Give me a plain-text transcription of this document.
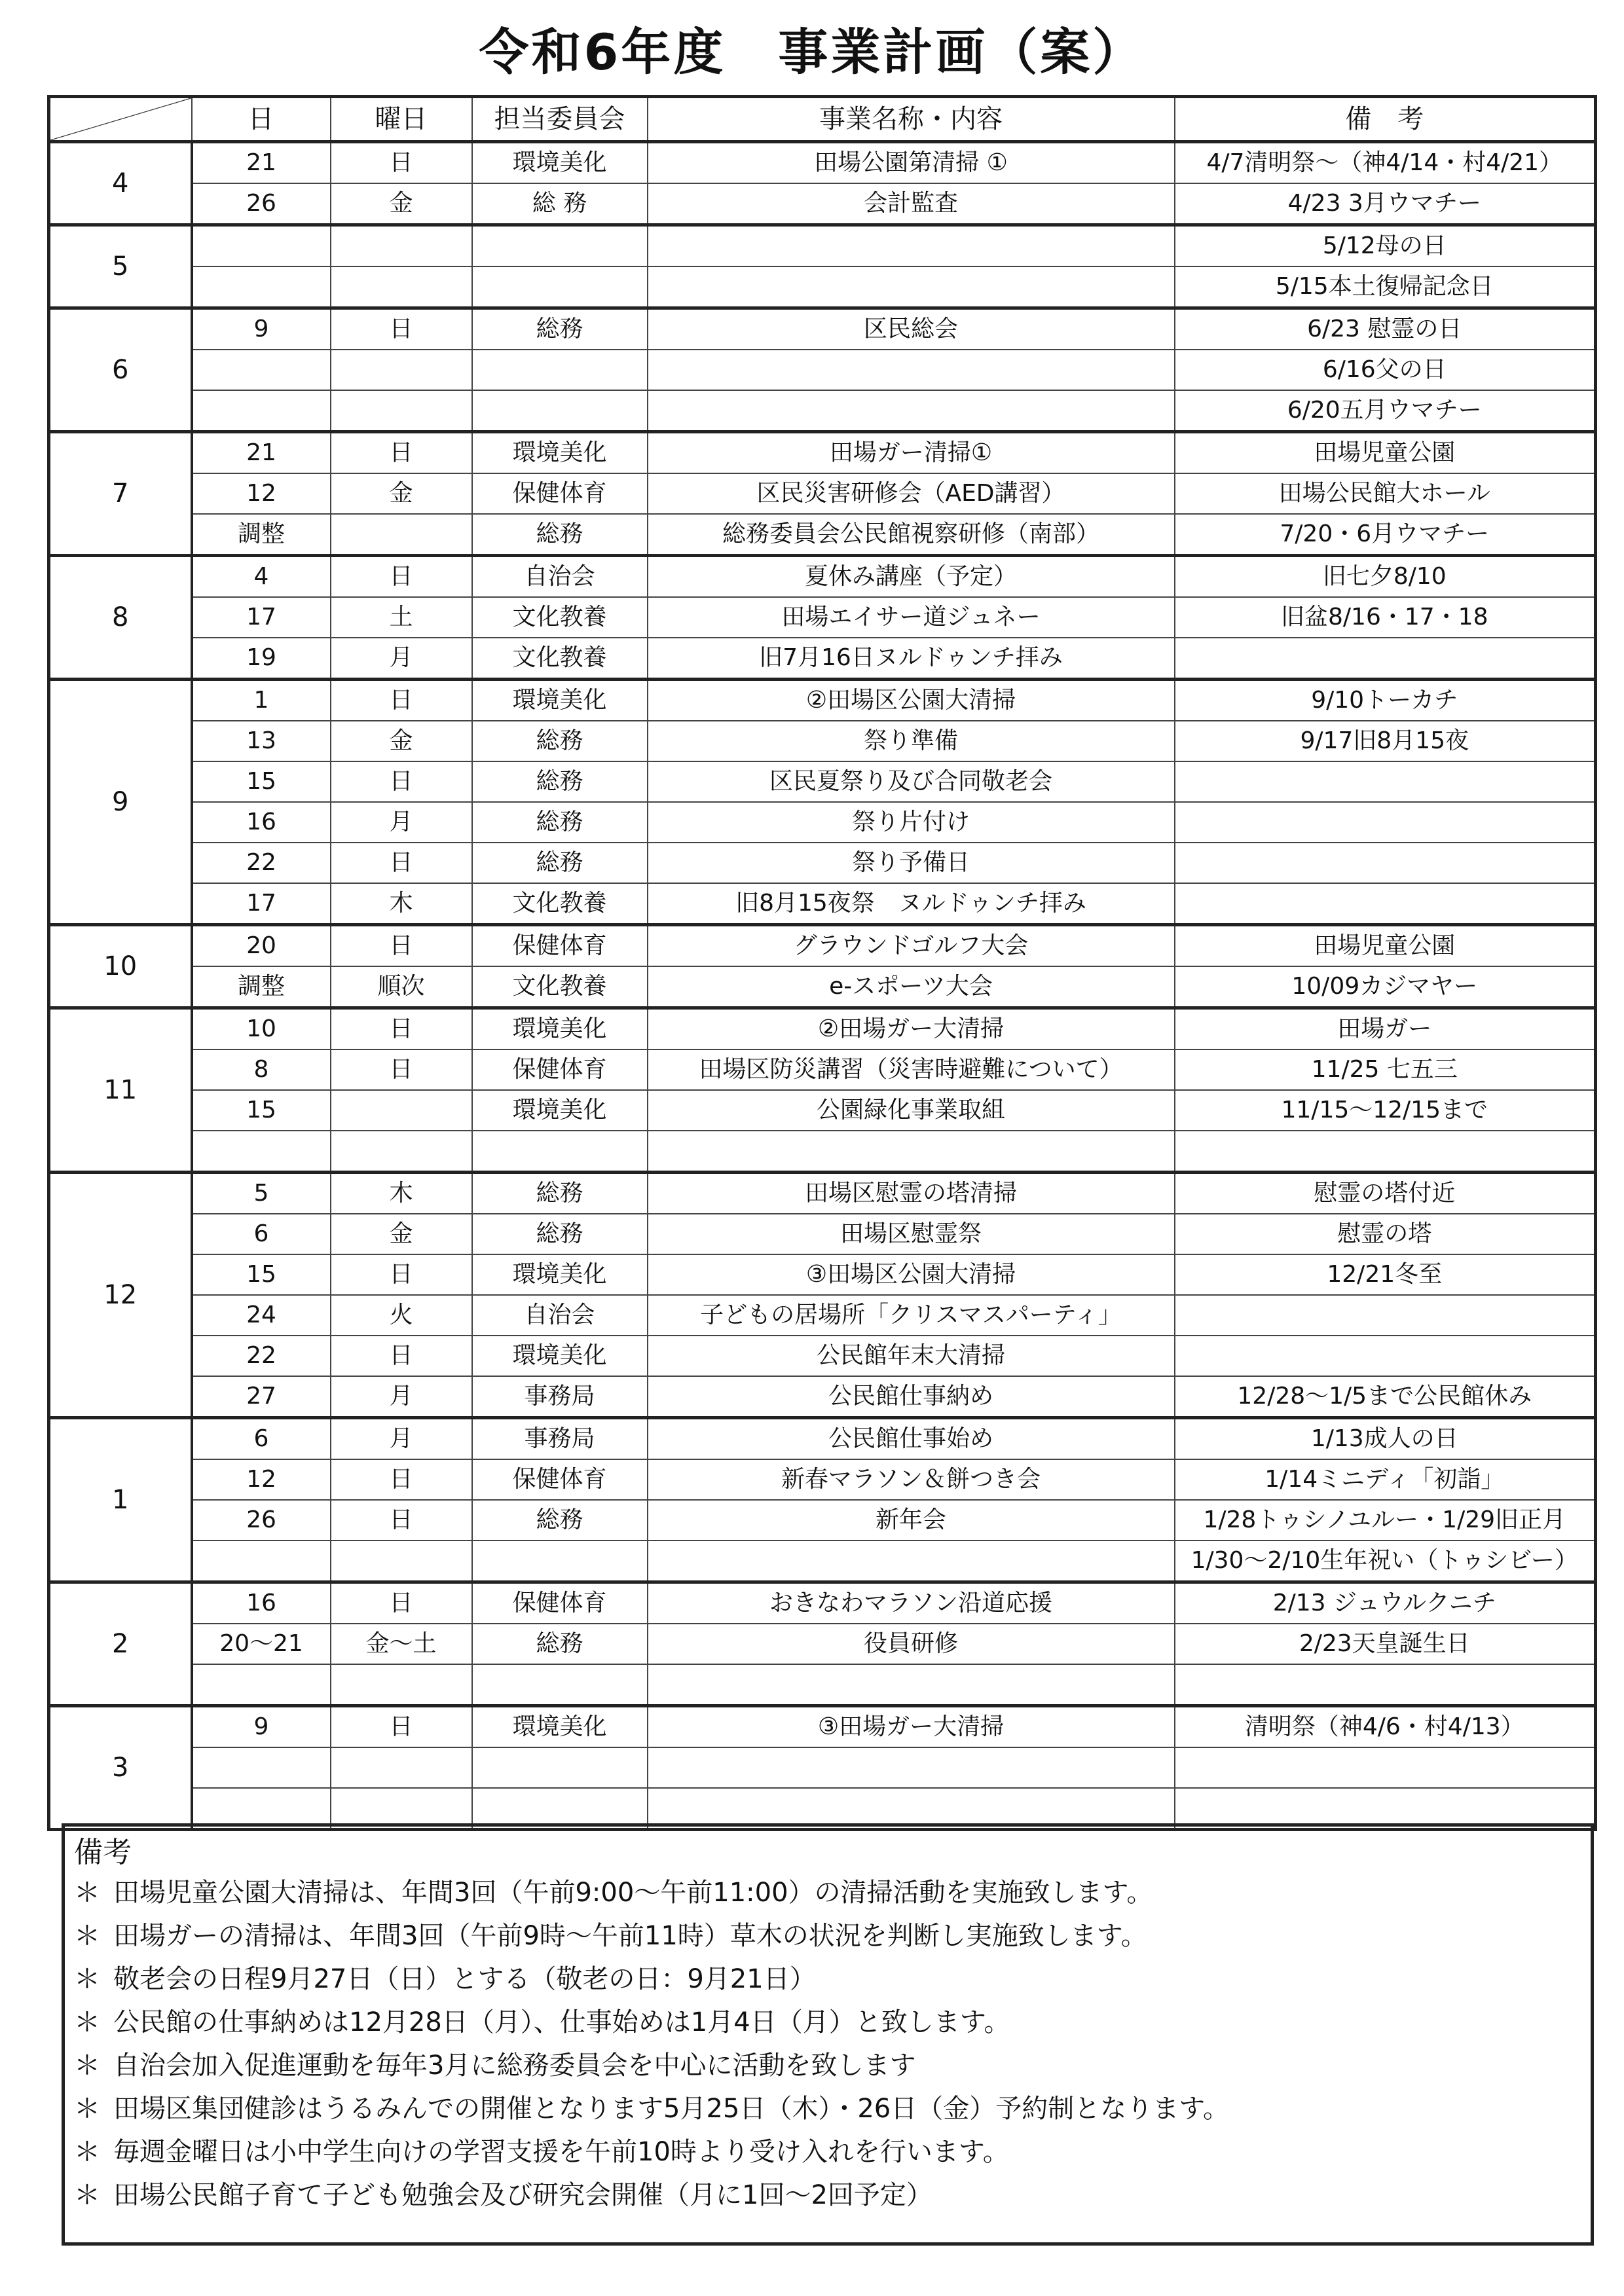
令和6年度　事業計画（案）
	日	曜日	担当委員会	事業名称・内容	備　考
4	21	日	環境美化	田場公園第清掃 ①	4/7清明祭～（神4/14・村4/21）
	26	金	総 務	会計監査	4/23 3月ウマチー
5					5/12母の日
					5/15本土復帰記念日
6	9	日	総務	区民総会	6/23 慰霊の日
					6/16父の日
					6/20五月ウマチー
7	21	日	環境美化	田場ガー清掃①	田場児童公園
	12	金	保健体育	区民災害研修会（AED講習）	田場公民館大ホール
	調整		総務	総務委員会公民館視察研修（南部）	7/20・6月ウマチー
8	4	日	自治会	夏休み講座（予定）	旧七夕8/10
	17	土	文化教養	田場エイサー道ジュネー	旧盆8/16・17・18
	19	月	文化教養	旧7月16日ヌルドゥンチ拝み	
9	1	日	環境美化	②田場区公園大清掃	9/10トーカチ
	13	金	総務	祭り準備	9/17旧8月15夜
	15	日	総務	区民夏祭り及び合同敬老会	
	16	月	総務	祭り片付け	
	22	日	総務	祭り予備日	
	17	木	文化教養	旧8月15夜祭　ヌルドゥンチ拝み	
10	20	日	保健体育	グラウンドゴルフ大会	田場児童公園
	調整	順次	文化教養	e-スポーツ大会	10/09カジマヤー
11	10	日	環境美化	②田場ガー大清掃	田場ガー
	8	日	保健体育	田場区防災講習（災害時避難について）	11/25 七五三
	15		環境美化	公園緑化事業取組	11/15～12/15まで

12	5	木	総務	田場区慰霊の塔清掃	慰霊の塔付近
	6	金	総務	田場区慰霊祭	慰霊の塔
	15	日	環境美化	③田場区公園大清掃	12/21冬至
	24	火	自治会	子どもの居場所「クリスマスパーティ」	
	22	日	環境美化	公民館年末大清掃	
	27	月	事務局	公民館仕事納め	12/28～1/5まで公民館休み
1	6	月	事務局	公民館仕事始め	1/13成人の日
	12	日	保健体育	新春マラソン＆餅つき会	1/14ミニディ「初詣」
	26	日	総務	新年会	1/28トゥシノユルー・1/29旧正月
					1/30～2/10生年祝い（トゥシビー）
2	16	日	保健体育	おきなわマラソン沿道応援	2/13 ジュウルクニチ
	20～21	金～土	総務	役員研修	2/23天皇誕生日

3	9	日	環境美化	③田場ガー大清掃	清明祭（神4/6・村4/13）

備考
＊ 田場児童公園大清掃は、年間3回（午前9:00～午前11:00）の清掃活動を実施致します。
＊ 田場ガーの清掃は、年間3回（午前9時～午前11時）草木の状況を判断し実施致します。
＊ 敬老会の日程9月27日（日）とする（敬老の日：9月21日）
＊ 公民館の仕事納めは12月28日（月）、仕事始めは1月4日（月）と致します。
＊ 自治会加入促進運動を毎年3月に総務委員会を中心に活動を致します
＊ 田場区集団健診はうるみんでの開催となります5月25日（木）・26日（金）予約制となります。
＊ 毎週金曜日は小中学生向けの学習支援を午前10時より受け入れを行います。
＊ 田場公民館子育て子ども勉強会及び研究会開催（月に1回～2回予定）
